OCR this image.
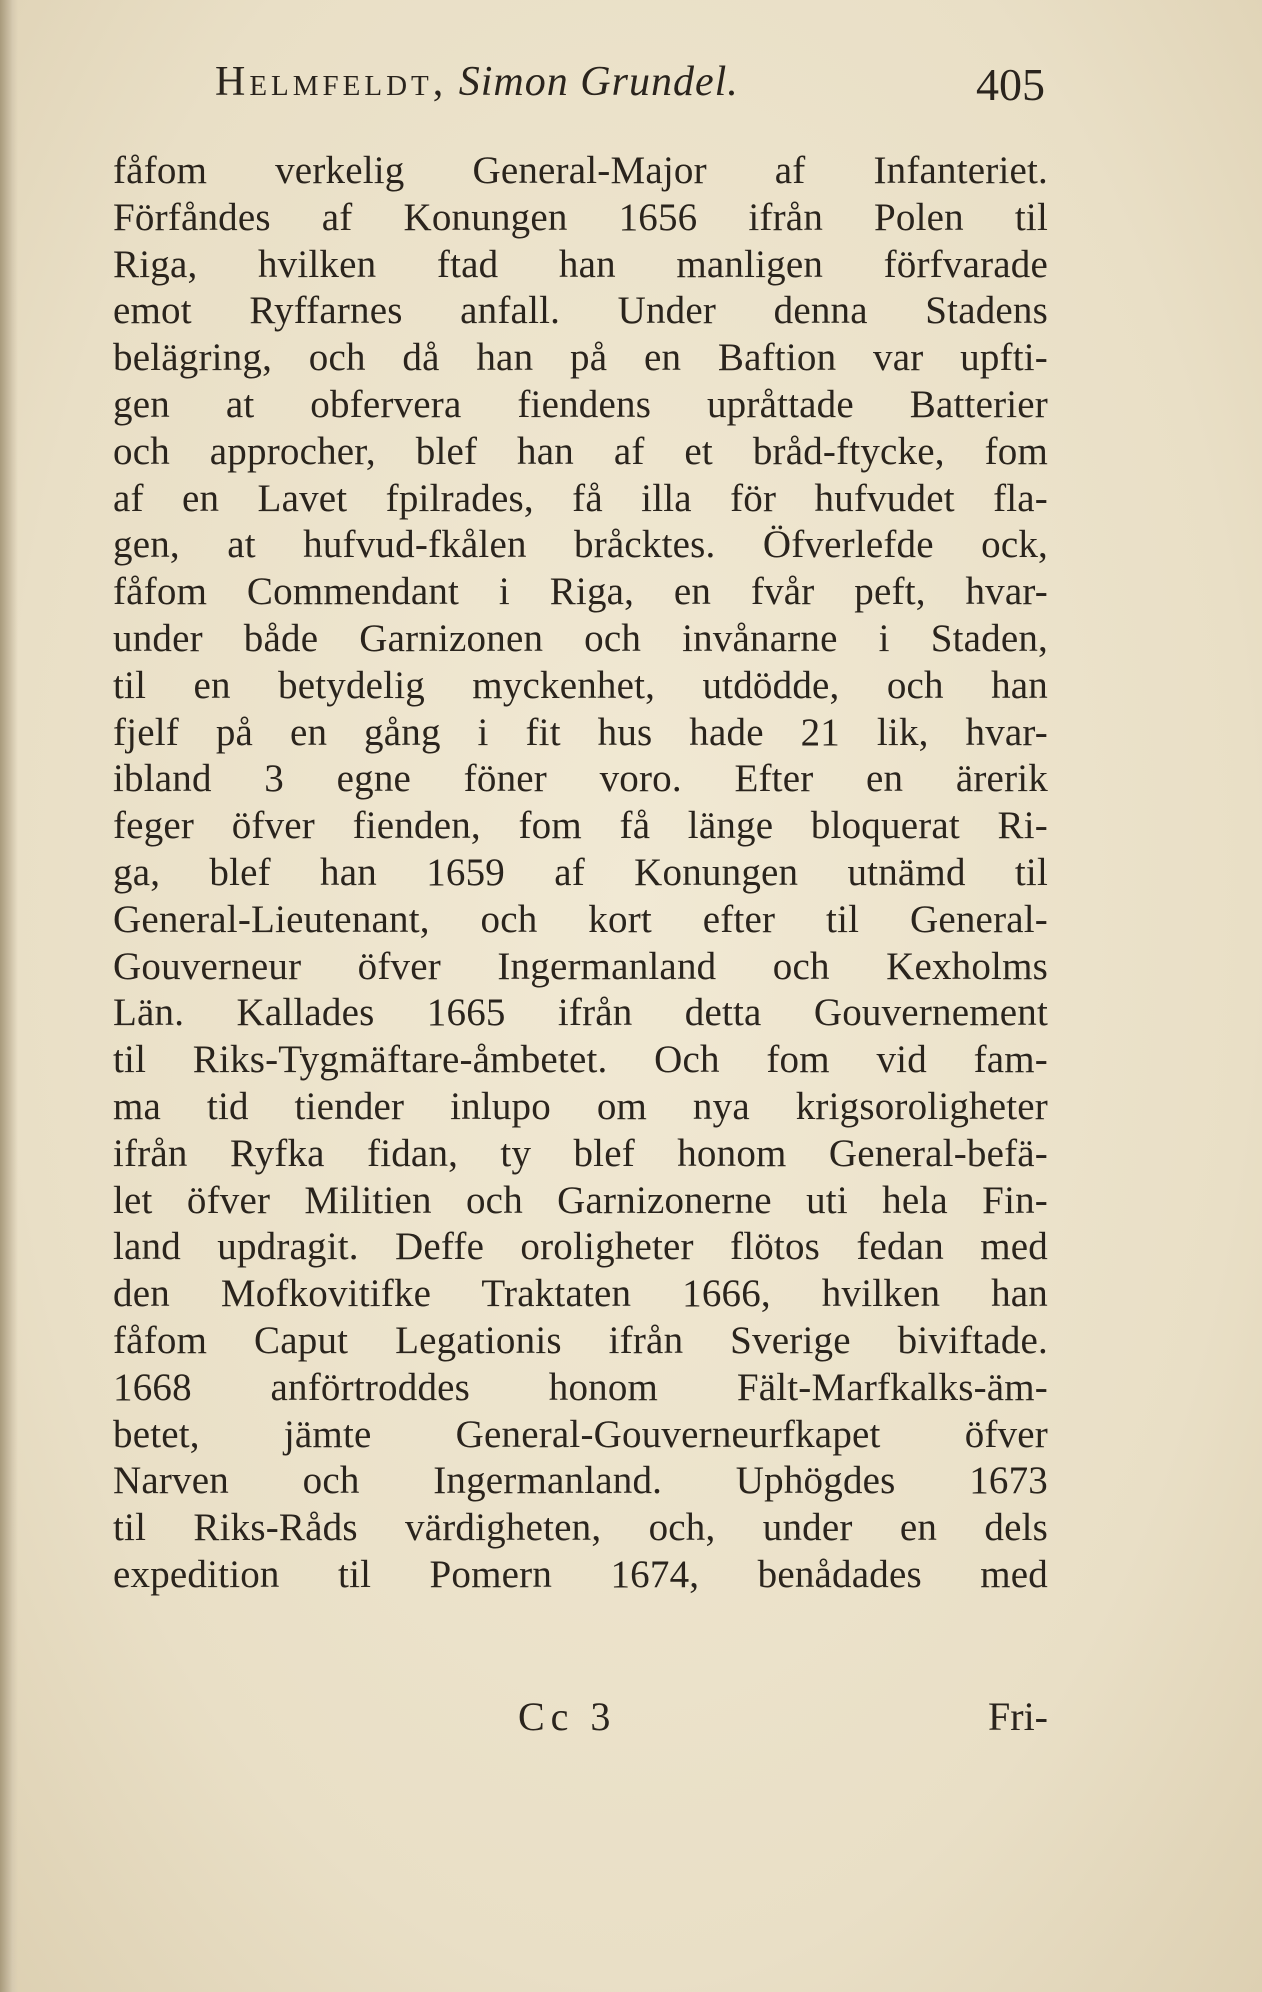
Helmfeldt, Simon Grundel.	405
fåfom verkelig General-Major af Infanteriet.
Förfåndes af Konungen 1656 ifrån Polen til
Riga, hvilken ftad han manligen förfvarade
emot Ryffarnes anfall. Under denna Stadens
belägring, och då han på en Baftion var upfti-
gen at obfervera fiendens upråttade Batterier
och approcher, blef han af et bråd-ftycke, fom
af en Lavet fpilrades, få illa för hufvudet fla-
gen, at hufvud-fkålen bråcktes. Öfverlefde ock,
fåfom Commendant i Riga, en fvår peft, hvar-
under både Garnizonen och invånarne i Staden,
til en betydelig myckenhet, utdödde, och han
fjelf på en gång i fit hus hade 21 lik, hvar-
ibland 3 egne föner voro. Efter en ärerik
feger öfver fienden, fom få länge bloquerat Ri-
ga, blef han 1659 af Konungen utnämd til
General-Lieutenant, och kort efter til General-
Gouverneur öfver Ingermanland och Kexholms
Län. Kallades 1665 ifrån detta Gouvernement
til Riks-Tygmäftare-åmbetet. Och fom vid fam-
ma tid tiender inlupo om nya krigsoroligheter
ifrån Ryfka fidan, ty blef honom General-befä-
let öfver Militien och Garnizonerne uti hela Fin-
land updragit. Deffe oroligheter flötos fedan med
den Mofkovitifke Traktaten 1666, hvilken han
fåfom Caput Legationis ifrån Sverige biviftade.
1668 anförtroddes honom Fält-Marfkalks-äm-
betet, jämte General-Gouverneurfkapet öfver
Narven och Ingermanland. Uphögdes 1673
til Riks-Råds värdigheten, och, under en dels
expedition til Pomern 1674, benådades med
Cc 3	Fri-
